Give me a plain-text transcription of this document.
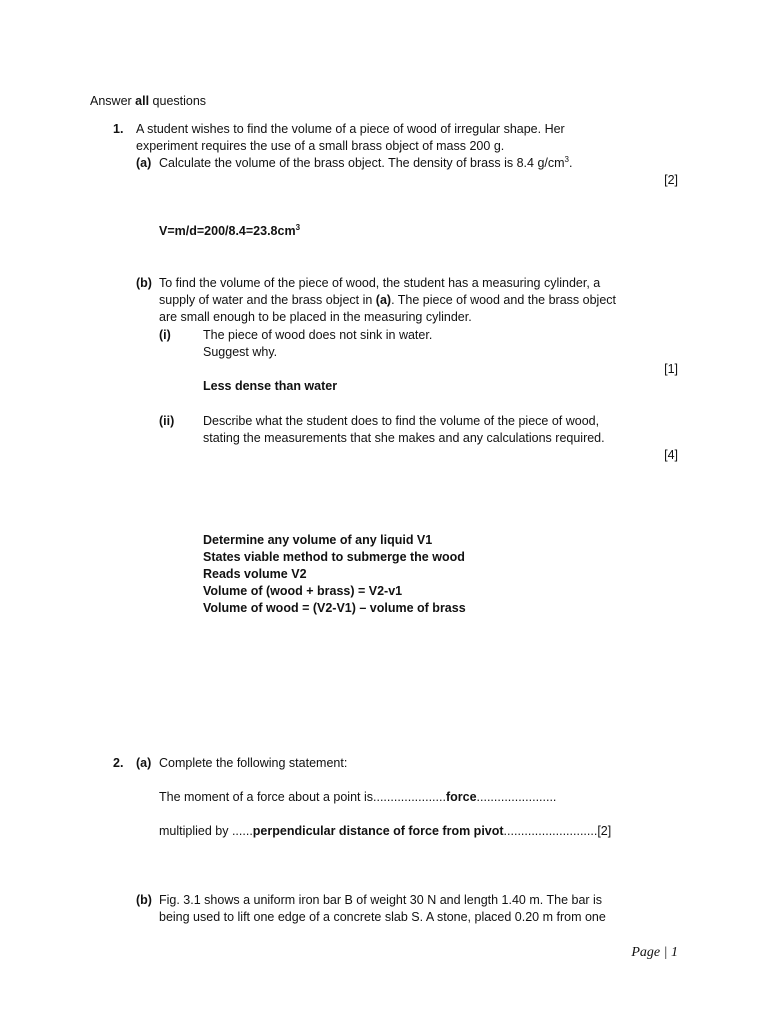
Answer all questions
1. A student wishes to find the volume of a piece of wood of irregular shape. Her
experiment requires the use of a small brass object of mass 200 g.
(a) Calculate the volume of the brass object. The density of brass is 8.4 $g/cm^3$.
[2]
$V=m/d=200/8.4=23.8cm^3$
(b) To find the volume of the piece of wood, the student has a measuring cylinder, a
supply of water and the brass object in (a). The piece of wood and the brass object
are small enough to be placed in the measuring cylinder.
(i)	The piece of wood does not sink in water.
Suggest why.
[1]
Less dense than water
(ii) Describe what the student does to find the volume of the piece of wood,
stating the measurements that she makes and any calculations required.
[4]
Determine any volume of any liquid V1
States viable method to submerge the wood
Reads volume V2
Volume of (wood + brass) = V2-v1
Volume of wood = (V2-V1) – volume of brass
2. (a) Complete the following statement:
The moment of a force about a point is.....................force.......................
multiplied by ......perpendicular distance of force from pivot...........................[2]
(b) Fig. 3.1 shows a uniform iron bar B of weight 30 N and length 1.40 m. The bar is
being used to lift one edge of a concrete slab S. A stone, placed 0.20 m from one
Page | 1
